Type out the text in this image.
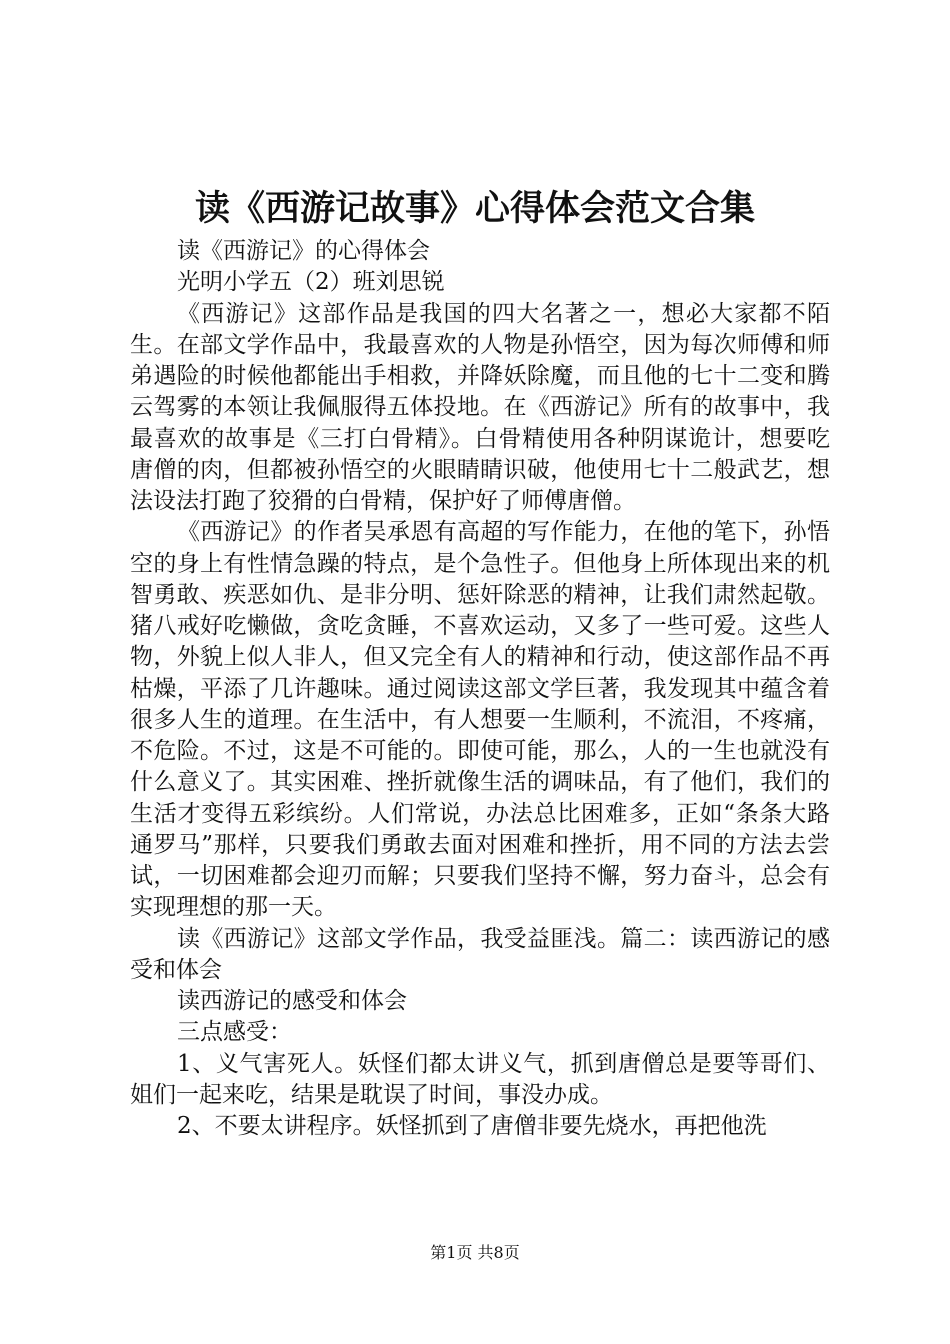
读《西游记故事》心得体会范文合集

读《西游记》的心得体会

光明小学五（2）班刘思锐

《西游记》这部作品是我国的四大名著之一，想必大家都不陌生。在部文学作品中，我最喜欢的人物是孙悟空，因为每次师傅和师弟遇险的时候他都能出手相救，并降妖除魔，而且他的七十二变和腾云驾雾的本领让我佩服得五体投地。在《西游记》所有的故事中，我最喜欢的故事是《三打白骨精》。白骨精使用各种阴谋诡计，想要吃唐僧的肉，但都被孙悟空的火眼睛睛识破，他使用七十二般武艺，想法设法打跑了狡猾的白骨精，保护好了师傅唐僧。

《西游记》的作者吴承恩有高超的写作能力，在他的笔下，孙悟空的身上有性情急躁的特点，是个急性子。但他身上所体现出来的机智勇敢、疾恶如仇、是非分明、惩奸除恶的精神，让我们肃然起敬。猪八戒好吃懒做，贪吃贪睡，不喜欢运动，又多了一些可爱。这些人物，外貌上似人非人，但又完全有人的精神和行动，使这部作品不再枯燥，平添了几许趣味。通过阅读这部文学巨著，我发现其中蕴含着很多人生的道理。在生活中，有人想要一生顺利，不流泪，不疼痛，不危险。不过，这是不可能的。即使可能，那么，人的一生也就没有什么意义了。其实困难、挫折就像生活的调味品，有了他们，我们的生活才变得五彩缤纷。人们常说，办法总比困难多，正如“条条大路通罗马”那样，只要我们勇敢去面对困难和挫折，用不同的方法去尝试，一切困难都会迎刃而解；只要我们坚持不懈，努力奋斗，总会有实现理想的那一天。

读《西游记》这部文学作品，我受益匪浅。篇二：读西游记的感受和体会

读西游记的感受和体会

三点感受：

1、义气害死人。妖怪们都太讲义气，抓到唐僧总是要等哥们、姐们一起来吃，结果是耽误了时间，事没办成。

2、不要太讲程序。妖怪抓到了唐僧非要先烧水，再把他洗

第1页 共8页
